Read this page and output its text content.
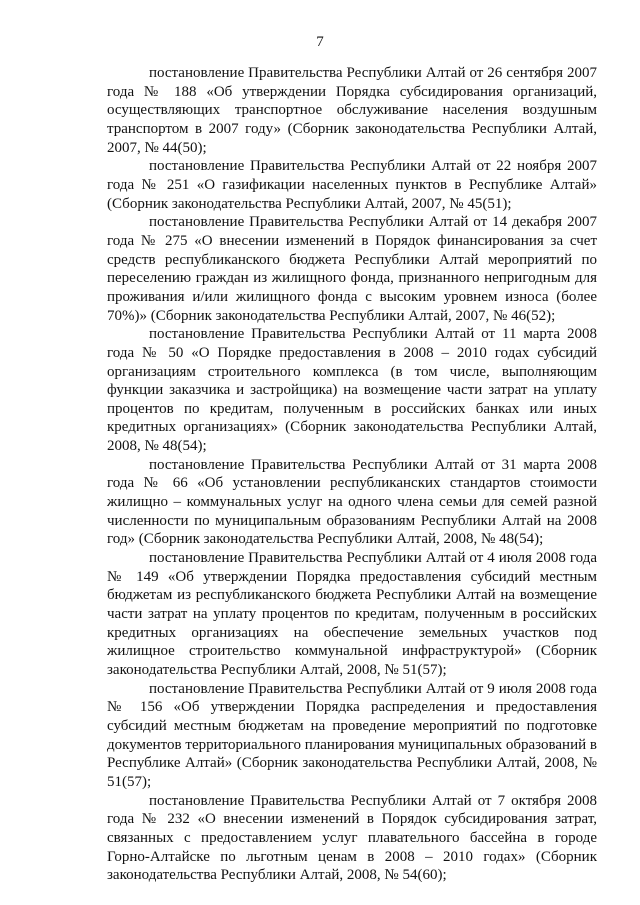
7

постановление Правительства Республики Алтай от 26 сентября 2007 года № 188 «Об утверждении Порядка субсидирования организаций, осуществляющих транспортное обслуживание населения воздушным транспортом в 2007 году» (Сборник законодательства Республики Алтай, 2007, № 44(50);

постановление Правительства Республики Алтай от 22 ноября 2007 года № 251 «О газификации населенных пунктов в Республике Алтай» (Сборник законодательства Республики Алтай, 2007, № 45(51);

постановление Правительства Республики Алтай от 14 декабря 2007 года № 275 «О внесении изменений в Порядок финансирования за счет средств республиканского бюджета Республики Алтай мероприятий по переселению граждан из жилищного фонда, признанного непригодным для проживания и/или жилищного фонда с высоким уровнем износа (более 70%)» (Сборник законодательства Республики Алтай, 2007, № 46(52);

постановление Правительства Республики Алтай от 11 марта 2008 года № 50 «О Порядке предоставления в 2008 – 2010 годах субсидий организациям строительного комплекса (в том числе, выполняющим функции заказчика и застройщика) на возмещение части затрат на уплату процентов по кредитам, полученным в российских банках или иных кредитных организациях» (Сборник законодательства Республики Алтай, 2008, № 48(54);

постановление Правительства Республики Алтай от 31 марта 2008 года № 66 «Об установлении республиканских стандартов стоимости жилищно – коммунальных услуг на одного члена семьи для семей разной численности по муниципальным образованиям Республики Алтай на 2008 год» (Сборник законодательства Республики Алтай, 2008, № 48(54);

постановление Правительства Республики Алтай от 4 июля 2008 года № 149 «Об утверждении Порядка предоставления субсидий местным бюджетам из республиканского бюджета Республики Алтай на возмещение части затрат на уплату процентов по кредитам, полученным в российских кредитных организациях на обеспечение земельных участков под жилищное строительство коммунальной инфраструктурой» (Сборник законодательства Республики Алтай, 2008, № 51(57);

постановление Правительства Республики Алтай от 9 июля 2008 года № 156 «Об утверждении Порядка распределения и предоставления субсидий местным бюджетам на проведение мероприятий по подготовке документов территориального планирования муниципальных образований в Республике Алтай» (Сборник законодательства Республики Алтай, 2008, № 51(57);

постановление Правительства Республики Алтай от 7 октября 2008 года № 232 «О внесении изменений в Порядок субсидирования затрат, связанных с предоставлением услуг плавательного бассейна в городе Горно-Алтайске по льготным ценам в 2008 – 2010 годах» (Сборник законодательства Республики Алтай, 2008, № 54(60);
